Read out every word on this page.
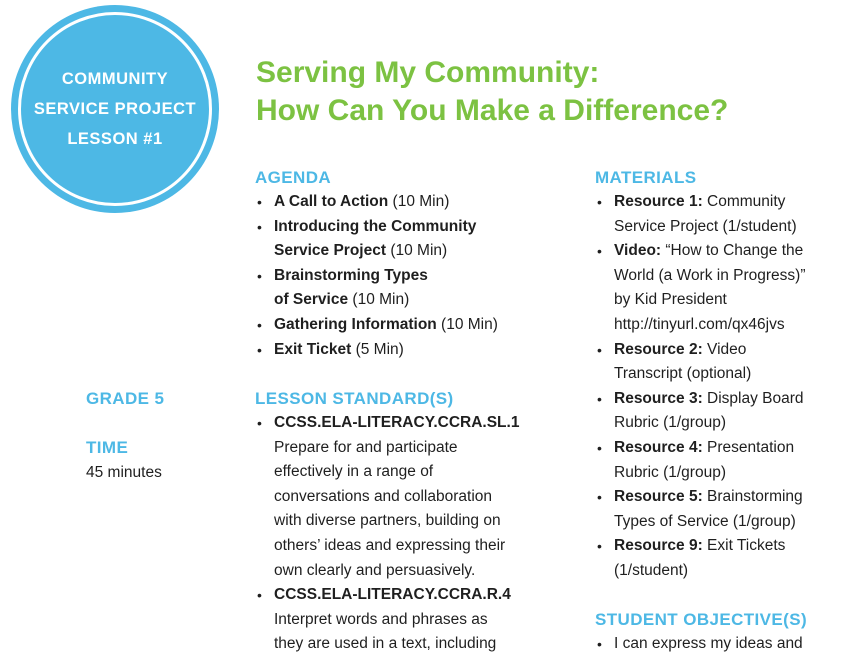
COMMUNITY
SERVICE PROJECT
LESSON #1
Serving My Community:
How Can You Make a Difference?
GRADE 5
TIME
45 minutes
AGENDA
• A Call to Action (10 Min)
• Introducing the Community
Service Project (10 Min)
• Brainstorming Types
of Service (10 Min)
• Gathering Information (10 Min)
• Exit Ticket (5 Min)
LESSON STANDARD(S)
• CCSS.ELA-LITERACY.CCRA.SL.1
Prepare for and participate
effectively in a range of
conversations and collaboration
with diverse partners, building on
others’ ideas and expressing their
own clearly and persuasively.
• CCSS.ELA-LITERACY.CCRA.R.4
Interpret words and phrases as
they are used in a text, including
MATERIALS
• Resource 1: Community
Service Project (1/student)
• Video: “How to Change the
World (a Work in Progress)”
by Kid President
http://tinyurl.com/qx46jvs
• Resource 2: Video
Transcript (optional)
• Resource 3: Display Board
Rubric (1/group)
• Resource 4: Presentation
Rubric (1/group)
• Resource 5: Brainstorming
Types of Service (1/group)
• Resource 9: Exit Tickets
(1/student)
STUDENT OBJECTIVE(S)
• I can express my ideas and
